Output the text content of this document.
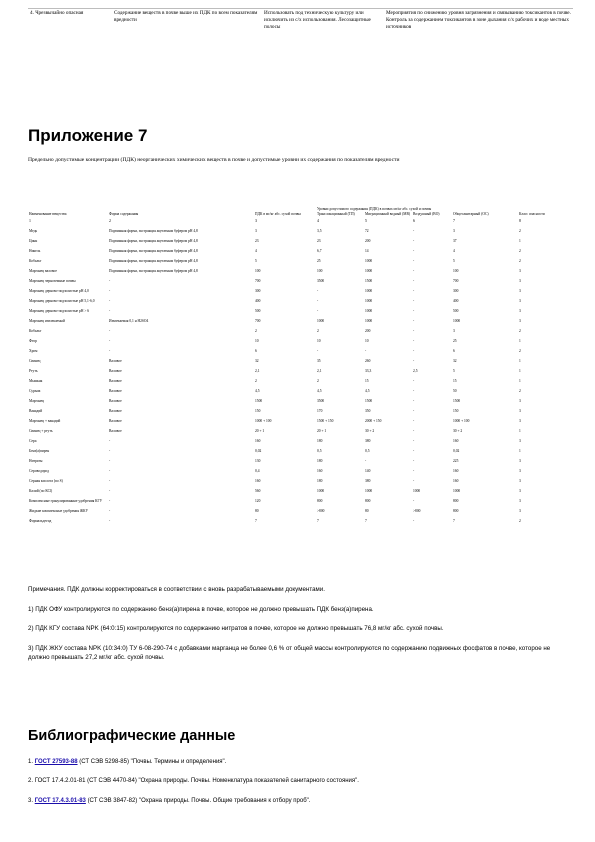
4. Чрезвычайно опасная	Содержание веществ в почве выше их ПДК по всем показателям вредности	Использовать под техническую культуру или исключить из с/х использования. Лесозащитные полосы	Мероприятия по снижению уровня загрязнения и связыванию токсикантов в почве. Контроль за содержанием токсикантов в зоне дыхания с/х рабочих и воде местных источников
Приложение 7
Предельно допустимые концентрации (ПДК) неорганических химических веществ в почве и допустимые уровни их содержания по показателям вредности
			Уровни допустимого содержания (ПДК) в почвах мг/кг абс. сухой и почвы				
Наименование вещества	Форма содержания	ПДК в мг/кг абс. сухой почвы	Транслокационный (ТП)	Миграционный водный (МВ)	Воздушный (ВО)	Общесанитарный (ОС)	Класс опасности
1	2	3	4	5	6	7	8
Медь	Подвижная форма, экстракция ацетатным буфером pH 4,8	3	3,5	72	-	3	2
Цинк	Подвижная форма, экстракция ацетатным буфером pH 4,8	23	23	200	-	37	1
Никель	Подвижная форма, экстракция ацетатным буфером pH 4,8	4	6,7	14	-	4	2
Кобальт	Подвижная форма, экстракция ацетатным буфером pH 4,8	5	25	1000	-	5	2
Марганец валовое	Подвижная форма, экстракция ацетатным буфером pH 4,8	100	100	1000	-	100	3
Марганец черноземные почвы	-	700	3500	1500	-	700	3
Марганец дерново-подзолистые pH 4,0	-	300	-	1000	-	300	3
Марганец дерново-подзолистые pH 5,1-6,0	-	400	-	1000	-	400	3
Марганец дерново-подзолистые pH > 6	-	500	-	1000	-	500	3
Марганец извлекаемый	Извлекаемая 0,1 н H2SO4	700	1000	1000	-	1000	3
Кобальт	-	2	2	200	-	3	2
Фтор	-	10	10	10	-	25	1
Хром	-	6	-	-	-	6	2
Свинец	Валовое	32	35	260	-	32	1
Ртуть	Валовое	2,1	2,1	33,3	2,5	5	1
Мышьяк	Валовое	2	2	15	-	15	1
Сурьма	Валовое	4,5	4,5	4,5	-	50	2
Марганец	Валовое	1500	3500	1500	-	1500	3
Ванадий	Валовое	150	170	350	-	150	3
Марганец + ванадий	Валовое	1000 + 100	1500 + 150	2000 + 150	-	1000 + 100	3
Свинец + ртуть	Валовое	20 + 1	20 + 1	30 + 2	-	30 + 2	1
Сера	-	160	180	380	-	160	3
Бенз(а)пирен	-	0,02	0,5	0,5	-	0,02	1
Нитраты	-	130	180	-	-	225	3
Сероводород	-	0,4	160	140	-	160	3
Серная кислота (по S)	-	160	180	380	-	160	3
Калий (по КСl)	-	560	1000	1000	1000	1000	3
Комплексные гранулированные удобрения КГУ	-	120	800	800	-	800	3
Жидкие комплексные удобрения ЖКУ	-	80	>800	80	>800	800	3
Формальдегид	-	7	7	7	-	7	2

Примечания. ПДК должны корректироваться в соответствии с вновь разрабатываемыми документами.

1) ПДК ОФУ контролируются по содержанию бенз(а)пирена в почве, которое не должно превышать ПДК бенз(а)пирена.

2) ПДК КГУ состава NPK (64:0:15) контролируются по содержанию нитратов в почве, которое не должно превышать 76,8 мг/кг абс. сухой почвы.

3) ПДК ЖКУ состава NPK (10:34:0) ТУ 6-08-290-74 с добавками марганца не более 0,6 % от общей массы контролируются по содержанию подвижных фосфатов в почве, которое не должно превышать 27,2 мг/кг абс. сухой почвы.

Библиографические данные
1. ГОСТ 27593-88 (СТ СЭВ 5298-85) "Почвы. Термины и определения".
2. ГОСТ 17.4.2.01-81 (СТ СЭВ 4470-84) "Охрана природы. Почвы. Номенклатура показателей санитарного состояния".
3. ГОСТ 17.4.3.01-83 (СТ СЭВ 3847-82) "Охрана природы. Почвы. Общие требования к отбору проб".
